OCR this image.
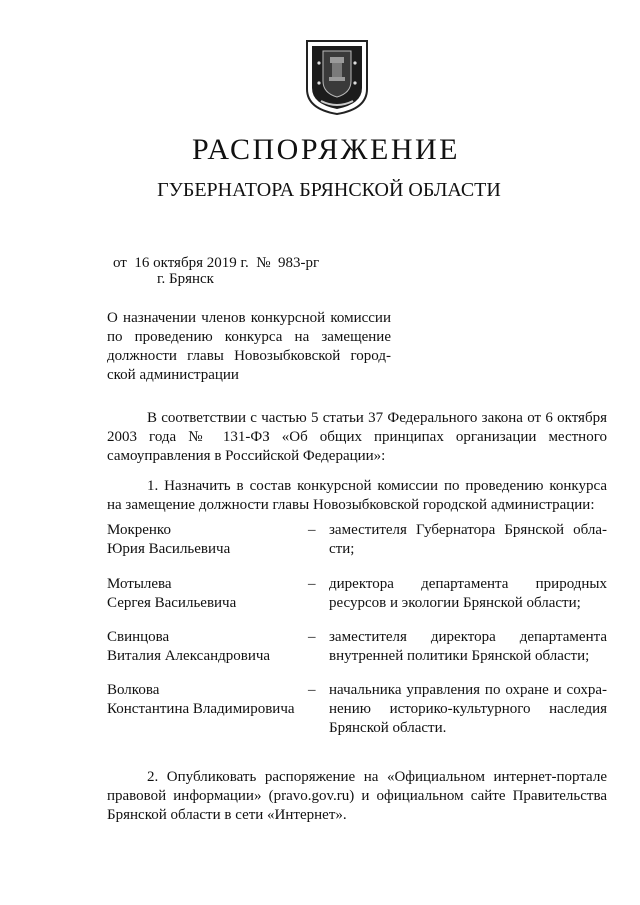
РАСПОРЯЖЕНИЕ
ГУБЕРНАТОРА БРЯНСКОЙ ОБЛАСТИ
от  16 октября 2019 г.  №  983-рг
г. Брянск
О назначении членов конкурсной комиссии
по проведению конкурса на замещение
должности главы Новозыбковской город-
ской администрации
В соответствии с частью 5 статьи 37 Федерального закона от 6 октября 2003 года № 131-ФЗ «Об общих принципах организации местного самоуправления в Российской Федерации»:
1. Назначить в состав конкурсной комиссии по проведению конкурса на замещение должности главы Новозыбковской городской администрации:
Мокренко
Юрия Васильевича
– заместителя Губернатора Брянской обла-
сти;
Мотылева
Сергея Васильевича
– директора департамента природных
ресурсов и экологии Брянской области;
Свинцова
Виталия Александровича
– заместителя директора департамента
внутренней политики Брянской области;
Волкова
Константина Владимировича
– начальника управления по охране и сохра-
нению историко-культурного наследия
Брянской области.
2. Опубликовать распоряжение на «Официальном интернет-портале правовой информации» (pravo.gov.ru) и официальном сайте Правительства Брянской области в сети «Интернет».
